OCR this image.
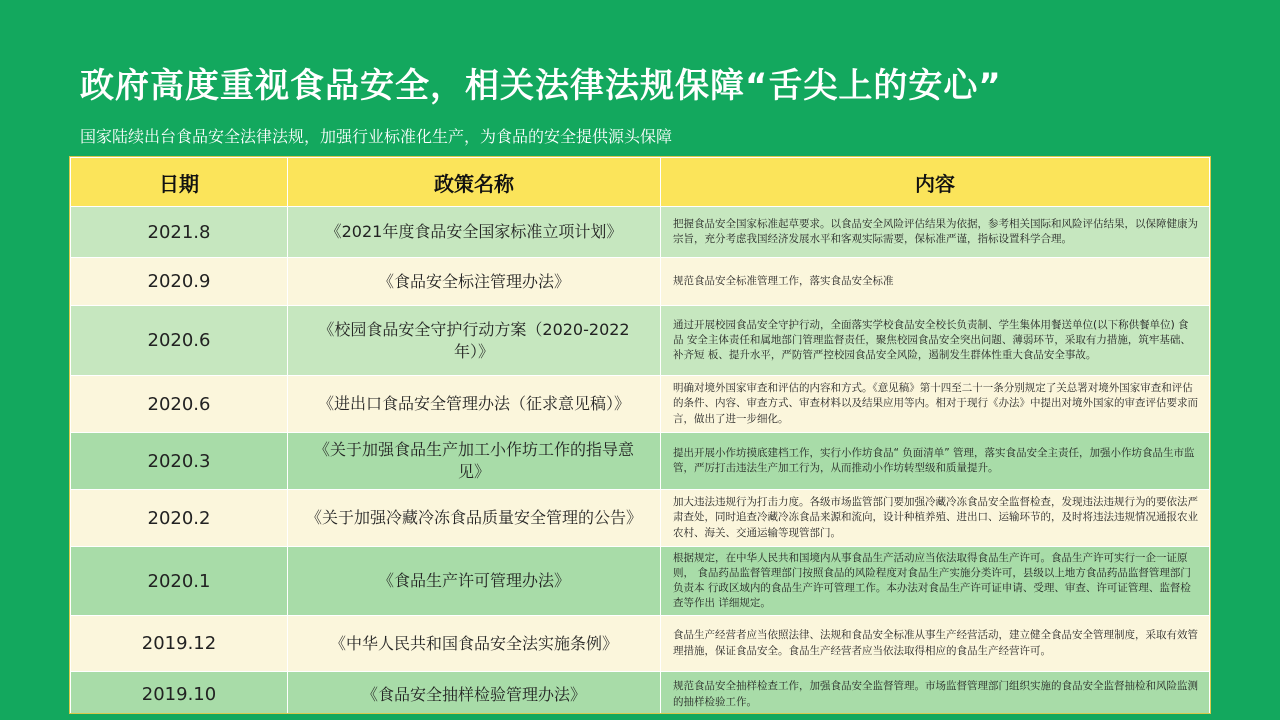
政府高度重视食品安全，相关法律法规保障“舌尖上的安心”
国家陆续出台食品安全法律法规，加强行业标准化生产，为食品的安全提供源头保障
日期	政策名称	内容
2021.8	《2021年度食品安全国家标准立项计划》	把握食品安全国家标准起草要求。以食品安全风险评估结果为依据，参考相关国际和风险评估结果，以保障健康为 宗旨，充分考虑我国经济发展水平和客观实际需要，保标准严谨，指标设置科学合理。
2020.9	《食品安全标注管理办法》	规范食品安全标准管理工作，落实食品安全标准
2020.6	《校园食品安全守护行动方案（2020-2022年）》	通过开展校园食品安全守护行动，全面落实学校食品安全校长负责制、学生集体用餐送单位(以下称供餐单位) 食品 安全主体责任和属地部门管理监督责任，聚焦校园食品安全突出问题、薄弱环节，采取有力措施，筑牢基础、补齐短 板、提升水平，严防管严控校园食品安全风险，遏制发生群体性重大食品安全事故。
2020.6	《进出口食品安全管理办法（征求意见稿）》	明确对境外国家审查和评估的内容和方式。《意见稿》第十四至二十一条分别规定了关总署对境外国家审查和评估 的条件、内容、审查方式、审查材料以及结果应用等内。相对于现行《办法》中提出对境外国家的审查评估要求而 言，做出了进一步细化。
2020.3	《关于加强食品生产加工小作坊工作的指导意见》	提出开展小作坊摸底建档工作，实行小作坊食品“ 负面清单” 管理，落实食品安全主责任，加强小作坊食品生市监 管，严厉打击违法生产加工行为，从而推动小作坊转型级和质量提升。
2020.2	《关于加强冷藏冷冻食品质量安全管理的公告》	加大违法违规行为打击力度。各级市场监管部门要加强冷藏冷冻食品安全监督检查，发现违法违规行为的要依法严 肃查处，同时追查冷藏冷冻食品来源和流向，设计种植养殖、进出口、运输环节的，及时将违法违规情况通报农业 农村、海关、交通运输等现管部门。
2020.1	《食品生产许可管理办法》	根据规定，在中华人民共和国境内从事食品生产活动应当依法取得食品生产许可。食品生产许可实行一企一证原则， 食品药品监督管理部门按照食品的风险程度对食品生产实施分类许可，县级以上地方食品药品监督管理部门负责本 行政区域内的食品生产许可管理工作。本办法对食品生产许可证申请、受理、审查、许可证管理、监督检查等作出 详细规定。
2019.12	《中华人民共和国食品安全法实施条例》	食品生产经营者应当依照法律、法规和食品安全标准从事生产经营活动，建立健全食品安全管理制度，采取有效管 理措施，保证食品安全。食品生产经营者应当依法取得相应的食品生产经营许可。
2019.10	《食品安全抽样检验管理办法》	规范食品安全抽样检查工作，加强食品安全监督管理。市场监督管理部门组织实施的食品安全监督抽检和风险监测 的抽样检验工作。
